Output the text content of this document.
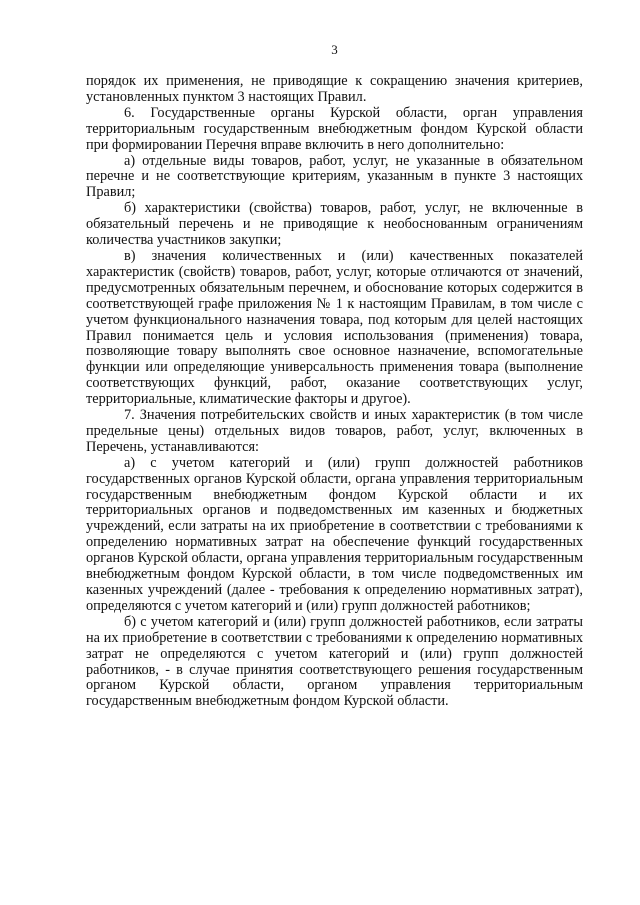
3

порядок их применения, не приводящие к сокращению значения критериев, установленных пунктом 3 настоящих Правил.

6. Государственные органы Курской области, орган управления территориальным государственным внебюджетным фондом Курской области при формировании Перечня вправе включить в него дополнительно:

а) отдельные виды товаров, работ, услуг, не указанные в обязательном перечне и не соответствующие критериям, указанным в пункте 3 настоящих Правил;

б) характеристики (свойства) товаров, работ, услуг, не включенные в обязательный перечень и не приводящие к необоснованным ограничениям количества участников закупки;

в) значения количественных и (или) качественных показателей характеристик (свойств) товаров, работ, услуг, которые отличаются от значений, предусмотренных обязательным перечнем, и обоснование которых содержится в соответствующей графе приложения № 1 к настоящим Правилам, в том числе с учетом функционального назначения товара, под которым для целей настоящих Правил понимается цель и условия использования (применения) товара, позволяющие товару выполнять свое основное назначение, вспомогательные функции или определяющие универсальность применения товара (выполнение соответствующих функций, работ, оказание соответствующих услуг, территориальные, климатические факторы и другое).

7. Значения потребительских свойств и иных характеристик (в том числе предельные цены) отдельных видов товаров, работ, услуг, включенных в Перечень, устанавливаются:

а) с учетом категорий и (или) групп должностей работников государственных органов Курской области, органа управления территориальным государственным внебюджетным фондом Курской области и их территориальных органов и подведомственных им казенных и бюджетных учреждений, если затраты на их приобретение в соответствии с требованиями к определению нормативных затрат на обеспечение функций государственных органов Курской области, органа управления территориальным государственным внебюджетным фондом Курской области, в том числе подведомственных им казенных учреждений (далее - требования к определению нормативных затрат), определяются с учетом категорий и (или) групп должностей работников;

б) с учетом категорий и (или) групп должностей работников, если затраты на их приобретение в соответствии с требованиями к определению нормативных затрат не определяются с учетом категорий и (или) групп должностей работников, - в случае принятия соответствующего решения государственным органом Курской области, органом управления территориальным государственным внебюджетным фондом Курской области.
